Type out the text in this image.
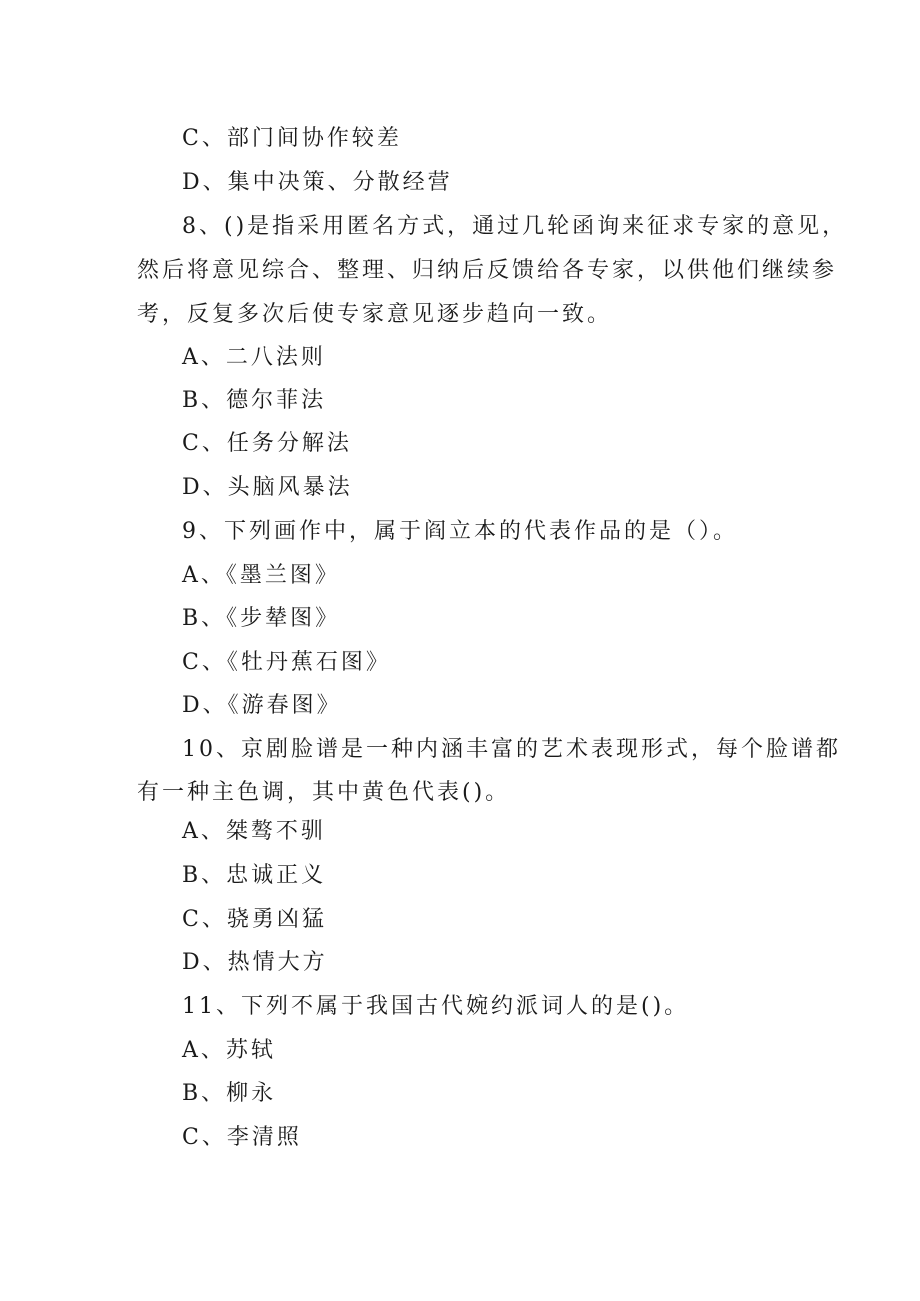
C、部门间协作较差
D、集中决策、分散经营
8、()是指采用匿名方式，通过几轮函询来征求专家的意见，
然后将意见综合、整理、归纳后反馈给各专家，以供他们继续参
考，反复多次后使专家意见逐步趋向一致。
A、二八法则
B、德尔菲法
C、任务分解法
D、头脑风暴法
9、下列画作中，属于阎立本的代表作品的是（）。
A、《墨兰图》
B、《步辇图》
C、《牡丹蕉石图》
D、《游春图》
10、京剧脸谱是一种内涵丰富的艺术表现形式，每个脸谱都
有一种主色调，其中黄色代表()。
A、桀骜不驯
B、忠诚正义
C、骁勇凶猛
D、热情大方
11、下列不属于我国古代婉约派词人的是()。
A、苏轼
B、柳永
C、李清照
